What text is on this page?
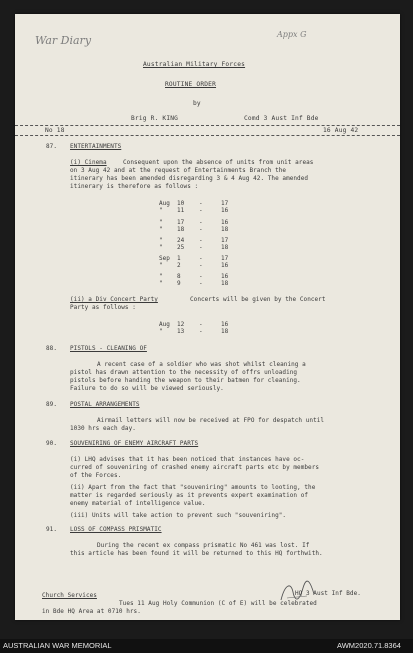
War Diary	Appx G
Australian Military Forces
ROUTINE ORDER
by
Brig R. KING	Comd 3 Aust Inf Bde
No 18	16 Aug 42
87. ENTERTAINMENTS
(i) Cinema	Consequent upon the absence of units from unit areas
on 3 Aug 42 and at the request of Entertainments Branch the
itinerary has been amended disregarding 3 & 4 Aug 42. The amended
itinerary is therefore as follows :
Aug 10 -	17
" 11 -	16
" 17 -	16
" 18 -	18
" 24 -	17
" 25 -	18
Sep 1	-	17
" 2	-	16
" 8	-	16
" 9	-	18
(ii) a Div Concert Party	Concerts will be given by the Concert
Party as follows :
Aug 12 -	16
" 13 -	18
88. PISTOLS - CLEANING OF
A recent case of a soldier who was shot whilst cleaning a
pistol has drawn attention to the necessity of offrs unloading
pistols before handing the weapon to their batmen for cleaning.
Failure to do so will be viewed seriously.
89. POSTAL ARRANGEMENTS
Airmail letters will now be received at FPO for despatch until
1030 hrs each day.
90. SOUVENIRING OF ENEMY AIRCRAFT PARTS
(i) LHQ advises that it has been noticed that instances have oc-
curred of souveniring of crashed enemy aircraft parts etc by members
of the Forces.
(ii) Apart from the fact that "souveniring" amounts to looting, the
matter is regarded seriously as it prevents expert examination of
enemy material of intelligence value.
(iii) Units will take action to prevent such "souveniring".
91. LOSS OF COMPASS PRISMATIC
During the recent ex compass prismatic No 461 was lost. If
this article has been found it will be returned to this HQ forthwith.
Church Services
Tues 11 Aug Holy Communion (C of E) will be celebrated
in Bde HQ Area at 0710 hrs.
HQ 3 Aust Inf Bde.
AUSTRALIAN WAR MEMORIAL	AWM2020.71.8364
